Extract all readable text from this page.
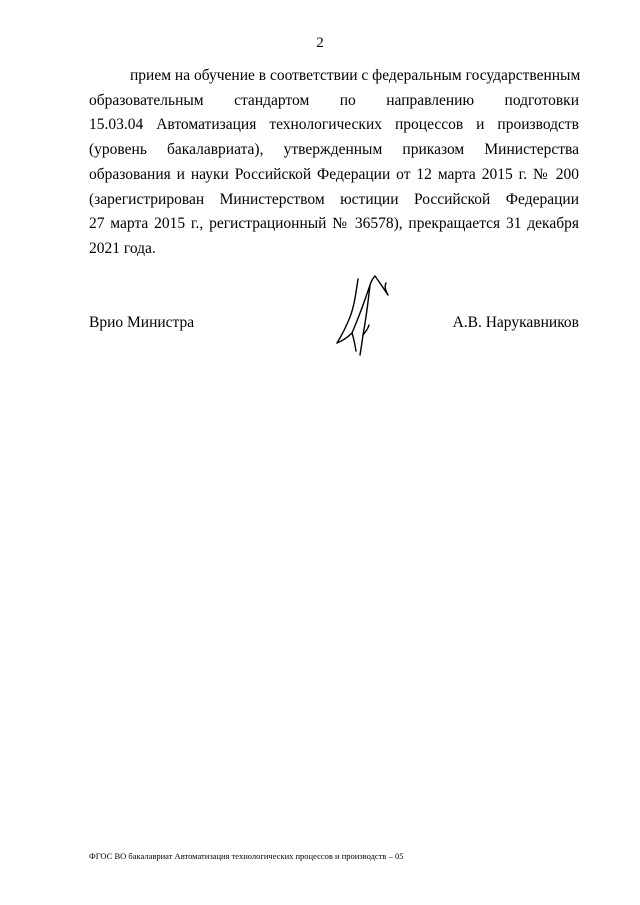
2
прием на обучение в соответствии с федеральным государственным
образовательным стандартом по направлению подготовки
15.03.04 Автоматизация технологических процессов и производств
(уровень бакалавриата), утвержденным приказом Министерства
образования и науки Российской Федерации от 12 марта 2015 г. № 200
(зарегистрирован Министерством юстиции Российской Федерации
27 марта 2015 г., регистрационный № 36578), прекращается 31 декабря
2021 года.
Врио Министра	А.В. Нарукавников
ФГОС ВО бакалавриат Автоматизация технологических процессов и производств – 05
